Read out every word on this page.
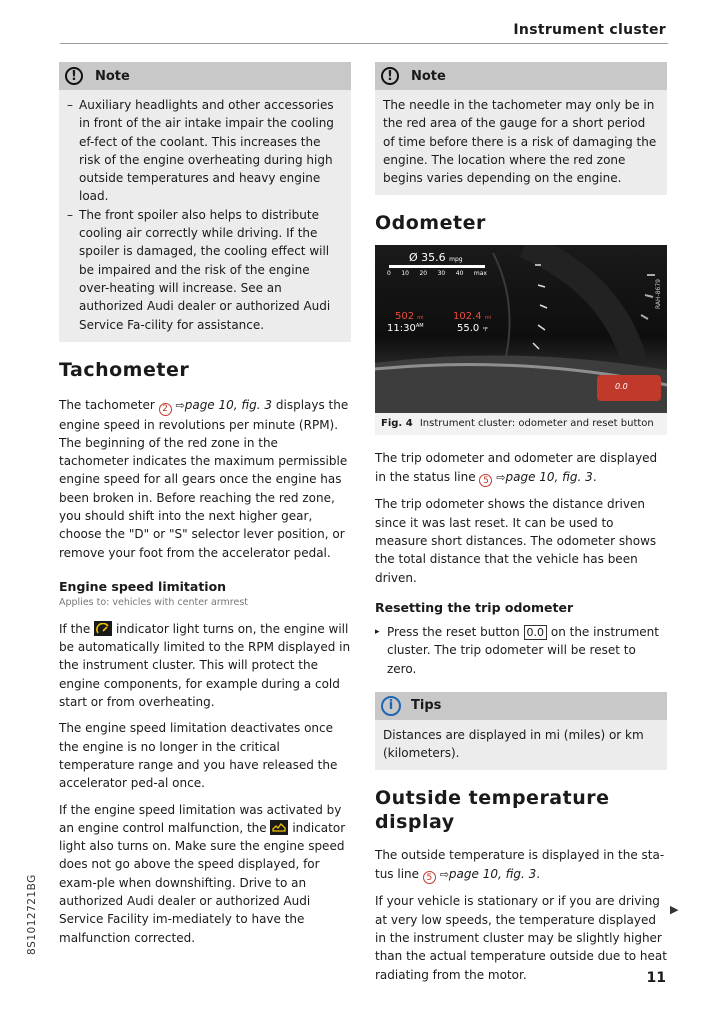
Instrument cluster
!	Note
– Auxiliary headlights and other accessories in front of the air intake impair the cooling ef-fect of the coolant. This increases the risk of the engine overheating during high outside temperatures and heavy engine load.
– The front spoiler also helps to distribute cooling air correctly while driving. If the spoiler is damaged, the cooling effect will be impaired and the risk of the engine over-heating will increase. See an authorized Audi dealer or authorized Audi Service Fa-cility for assistance.
Tachometer

The tachometer 2 ⇨page 10, fig. 3 displays the engine speed in revolutions per minute (RPM). The beginning of the red zone in the tachometer indicates the maximum permissible engine speed for all gears once the engine has been broken in. Before reaching the red zone, you should shift into the next higher gear, choose the "D" or "S" selector lever position, or remove your foot from the accelerator pedal.

Engine speed limitation
Applies to: vehicles with center armrest

If the indicator light turns on, the engine will be automatically limited to the RPM displayed in the instrument cluster. This will protect the engine components, for example during a cold start or from overheating.

The engine speed limitation deactivates once the engine is no longer in the critical temperature range and you have released the accelerator ped-al once.

If the engine speed limitation was activated by an engine control malfunction, the indicator light also turns on. Make sure the engine speed does not go above the speed displayed, for exam-ple when downshifting. Drive to an authorized Audi dealer or authorized Audi Service Facility im-mediately to have the malfunction corrected.

!	Note
The needle in the tachometer may only be in the red area of the gauge for a short period of time before there is a risk of damaging the engine. The location where the red zone begins varies depending on the engine.
Odometer
Ø 35.6 mpg
0 10 20 30 40 max
502 mi	102.4 mi
$11:30^{AM}$	55.0 °F
0.0
RAH-8679
Fig. 4 Instrument cluster: odometer and reset button

The trip odometer and odometer are displayed in the status line 5 ⇨page 10, fig. 3.

The trip odometer shows the distance driven since it was last reset. It can be used to measure short distances. The odometer shows the total distance that the vehicle has been driven.

Resetting the trip odometer

▸ Press the reset button 0.0 on the instrument cluster. The trip odometer will be reset to zero.

i	Tips
Distances are displayed in mi (miles) or km (kilometers).
Outside temperature
display

The outside temperature is displayed in the sta-tus line 5 ⇨page 10, fig. 3.

If your vehicle is stationary or if you are driving at very low speeds, the temperature displayed in the instrument cluster may be slightly higher than the actual temperature outside due to heat radiating from the motor.

▶
8S1012721BG
11
